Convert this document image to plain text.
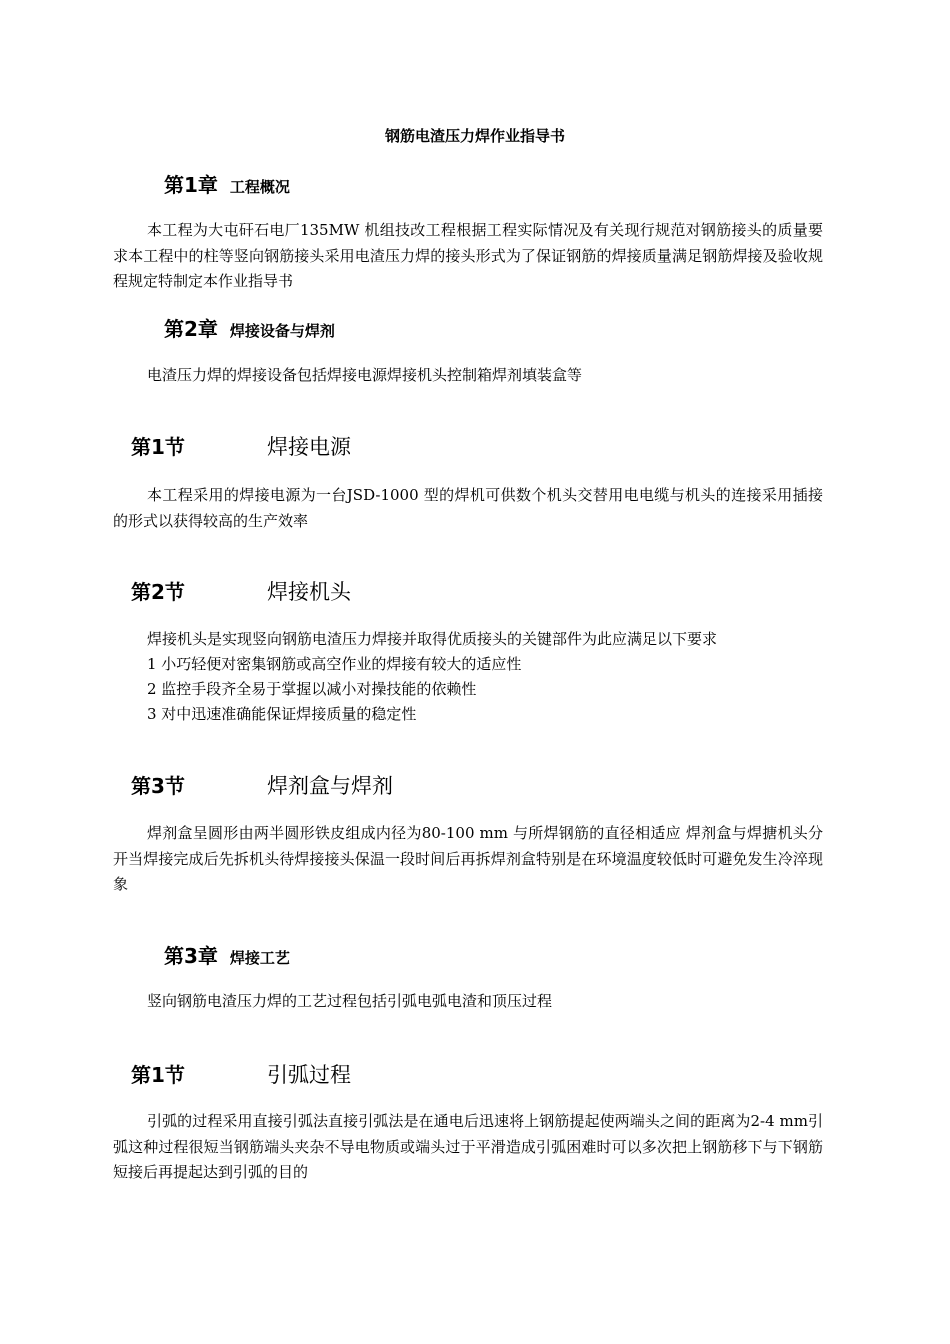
钢筋电渣压力焊作业指导书
第1章 工程概况
本工程为大屯矸石电厂135MW 机组技改工程根据工程实际情况及有关现行规范对钢筋接头的质量要求本工程中的柱等竖向钢筋接头采用电渣压力焊的接头形式为了保证钢筋的焊接质量满足钢筋焊接及验收规程规定特制定本作业指导书
第2章 焊接设备与焊剂
电渣压力焊的焊接设备包括焊接电源焊接机头控制箱焊剂填装盒等
第1节	焊接电源
本工程采用的焊接电源为一台JSD-1000 型的焊机可供数个机头交替用电电缆与机头的连接采用插接的形式以获得较高的生产效率
第2节	焊接机头
焊接机头是实现竖向钢筋电渣压力焊接并取得优质接头的关键部件为此应满足以下要求
1 小巧轻便对密集钢筋或高空作业的焊接有较大的适应性
2 监控手段齐全易于掌握以减小对操技能的依赖性
3 对中迅速准确能保证焊接质量的稳定性
第3节	焊剂盒与焊剂
焊剂盒呈圆形由两半圆形铁皮组成内径为80-100 mm 与所焊钢筋的直径相适应 焊剂盒与焊搪机头分开当焊接完成后先拆机头待焊接接头保温一段时间后再拆焊剂盒特别是在环境温度较低时可避免发生冷淬现象
第3章 焊接工艺
竖向钢筋电渣压力焊的工艺过程包括引弧电弧电渣和顶压过程
第1节	引弧过程
引弧的过程采用直接引弧法直接引弧法是在通电后迅速将上钢筋提起使两端头之间的距离为2-4 mm引弧这种过程很短当钢筋端头夹杂不导电物质或端头过于平滑造成引弧困难时可以多次把上钢筋移下与下钢筋短接后再提起达到引弧的目的
